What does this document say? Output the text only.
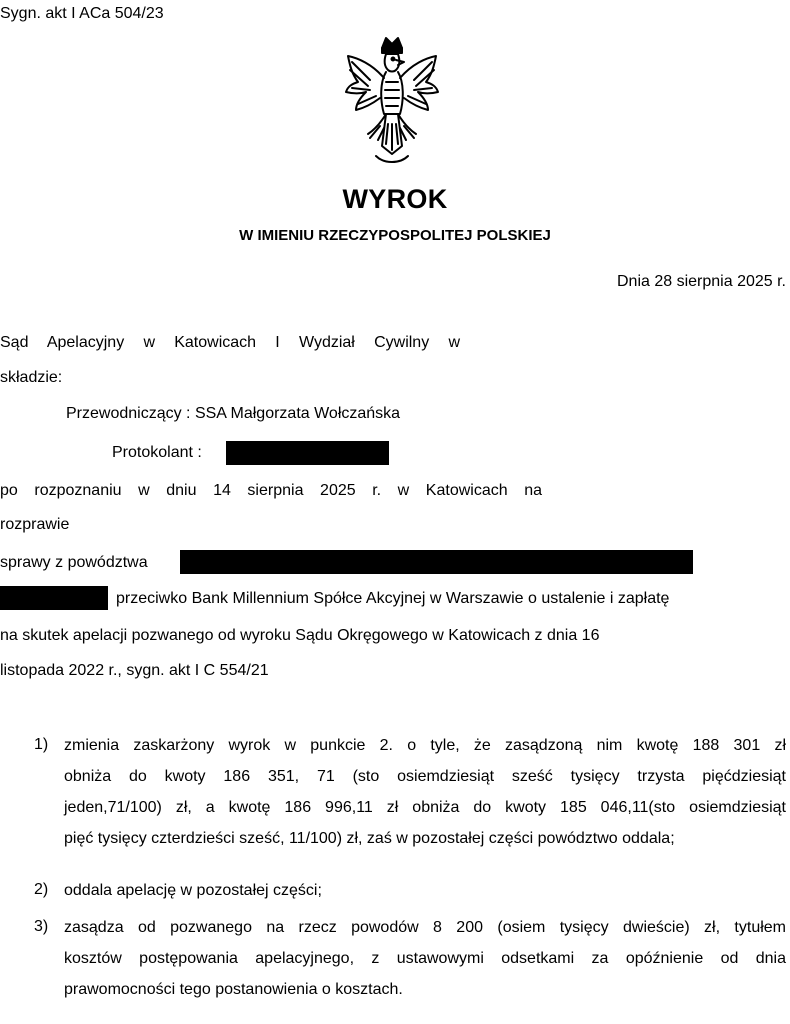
Sygn. akt I ACa 504/23
WYROK
W IMIENIU RZECZYPOSPOLITEJ POLSKIEJ
Dnia 28 sierpnia 2025 r.
Sąd Apelacyjny w Katowicach I Wydział Cywilny w
składzie:
Przewodniczący : SSA Małgorzata Wołczańska
Protokolant :
po rozpoznaniu w dniu 14 sierpnia 2025 r. w Katowicach na
rozprawie
sprawy z powództwa
przeciwko Bank Millennium Spółce Akcyjnej w Warszawie o ustalenie i zapłatę
na skutek apelacji pozwanego od wyroku Sądu Okręgowego w Katowicach z dnia 16
listopada 2022 r., sygn. akt I C 554/21
1) zmienia zaskarżony wyrok w punkcie 2. o tyle, że zasądzoną nim kwotę 188 301 zł
obniża do kwoty 186 351, 71 (sto osiemdziesiąt sześć tysięcy trzysta pięćdziesiąt
jeden,71/100) zł, a kwotę 186 996,11 zł obniża do kwoty 185 046,11(sto osiemdziesiąt
pięć tysięcy czterdzieści sześć, 11/100) zł, zaś w pozostałej części powództwo oddala;
2) oddala apelację w pozostałej części;
3) zasądza od pozwanego na rzecz powodów 8 200 (osiem tysięcy dwieście) zł, tytułem
kosztów postępowania apelacyjnego, z ustawowymi odsetkami za opóźnienie od dnia
prawomocności tego postanowienia o kosztach.
